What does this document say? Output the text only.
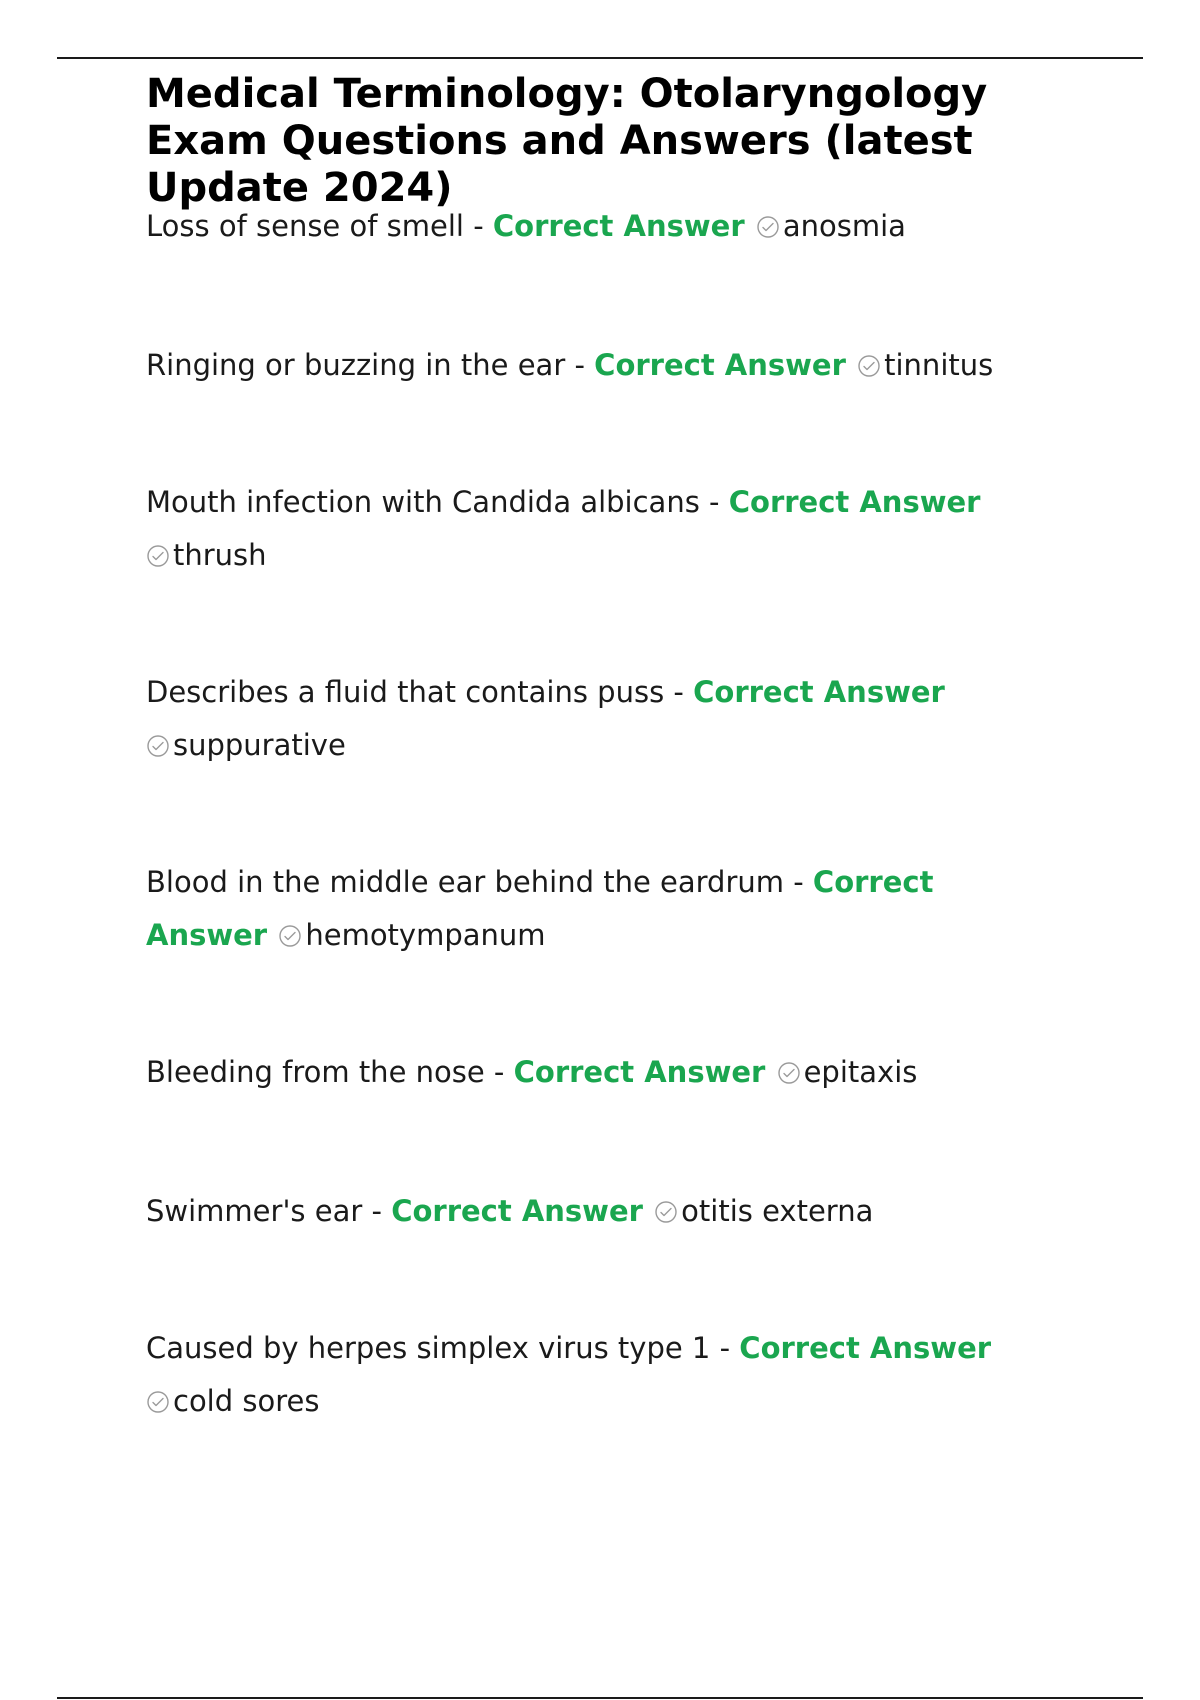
Medical Terminology: Otolaryngology Exam Questions and Answers (latest Update 2024)

Loss of sense of smell - Correct Answer anosmia

Ringing or buzzing in the ear - Correct Answer tinnitus

Mouth infection with Candida albicans - Correct Answer

thrush

Describes a fluid that contains puss - Correct Answer

suppurative

Blood in the middle ear behind the eardrum - Correct Answer hemotympanum

Bleeding from the nose - Correct Answer epitaxis

Swimmer's ear - Correct Answer otitis externa

Caused by herpes simplex virus type 1 - Correct Answer

cold sores
